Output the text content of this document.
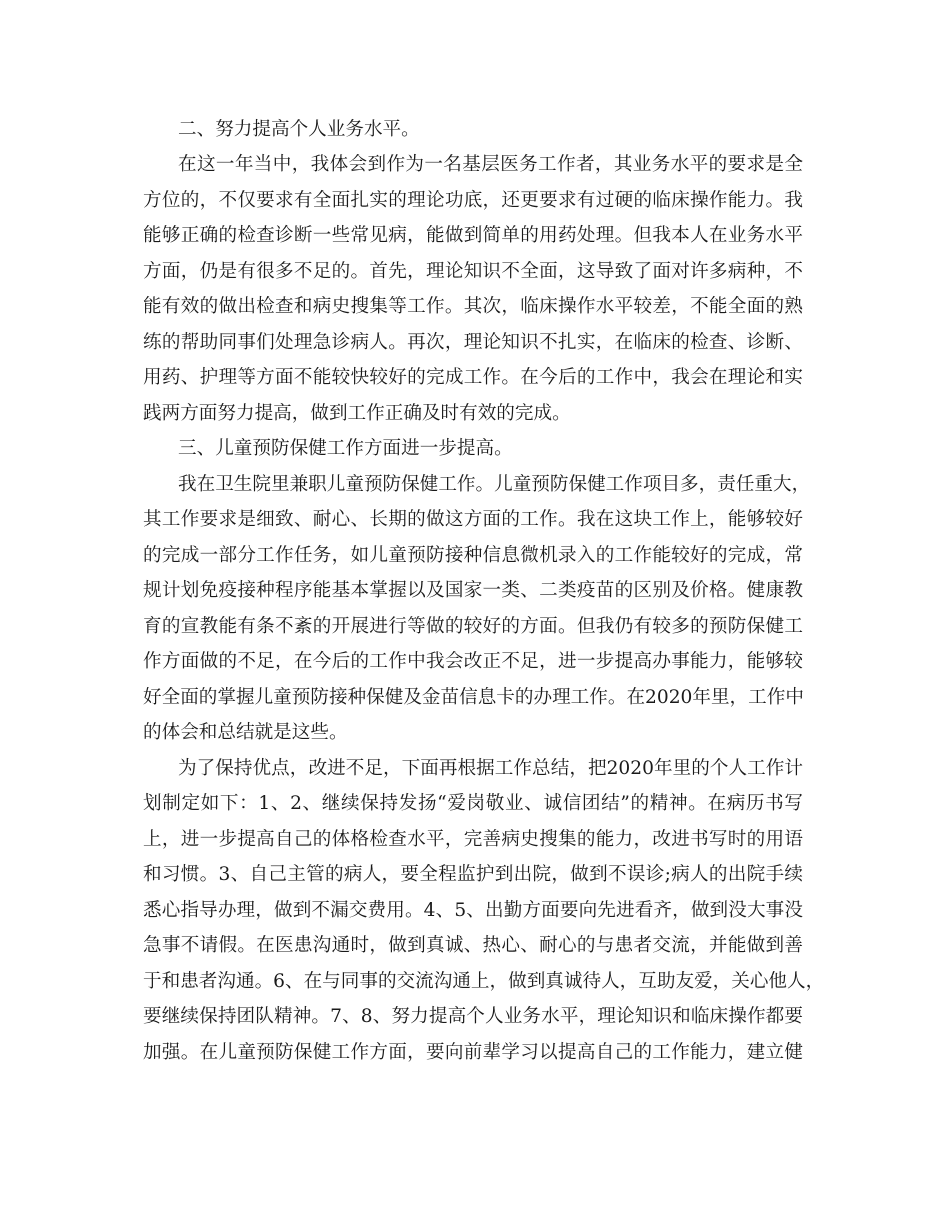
二、努力提高个人业务水平。
在这一年当中，我体会到作为一名基层医务工作者，其业务水平的要求是全
方位的，不仅要求有全面扎实的理论功底，还更要求有过硬的临床操作能力。我
能够正确的检查诊断一些常见病，能做到简单的用药处理。但我本人在业务水平
方面，仍是有很多不足的。首先，理论知识不全面，这导致了面对许多病种，不
能有效的做出检查和病史搜集等工作。其次，临床操作水平较差，不能全面的熟
练的帮助同事们处理急诊病人。再次，理论知识不扎实，在临床的检查、诊断、
用药、护理等方面不能较快较好的完成工作。在今后的工作中，我会在理论和实
践两方面努力提高，做到工作正确及时有效的完成。
三、儿童预防保健工作方面进一步提高。
我在卫生院里兼职儿童预防保健工作。儿童预防保健工作项目多，责任重大，
其工作要求是细致、耐心、长期的做这方面的工作。我在这块工作上，能够较好
的完成一部分工作任务，如儿童预防接种信息微机录入的工作能较好的完成，常
规计划免疫接种程序能基本掌握以及国家一类、二类疫苗的区别及价格。健康教
育的宣教能有条不紊的开展进行等做的较好的方面。但我仍有较多的预防保健工
作方面做的不足，在今后的工作中我会改正不足，进一步提高办事能力，能够较
好全面的掌握儿童预防接种保健及金苗信息卡的办理工作。在2020年里，工作中
的体会和总结就是这些。
为了保持优点，改进不足，下面再根据工作总结，把2020年里的个人工作计
划制定如下：1、2、继续保持发扬“爱岗敬业、诚信团结”的精神。在病历书写
上，进一步提高自己的体格检查水平，完善病史搜集的能力，改进书写时的用语
和习惯。3、自己主管的病人，要全程监护到出院，做到不误诊;病人的出院手续
悉心指导办理，做到不漏交费用。4、5、出勤方面要向先进看齐，做到没大事没
急事不请假。在医患沟通时，做到真诚、热心、耐心的与患者交流，并能做到善
于和患者沟通。6、在与同事的交流沟通上，做到真诚待人，互助友爱，关心他人，
要继续保持团队精神。7、8、努力提高个人业务水平，理论知识和临床操作都要
加强。在儿童预防保健工作方面，要向前辈学习以提高自己的工作能力，建立健
